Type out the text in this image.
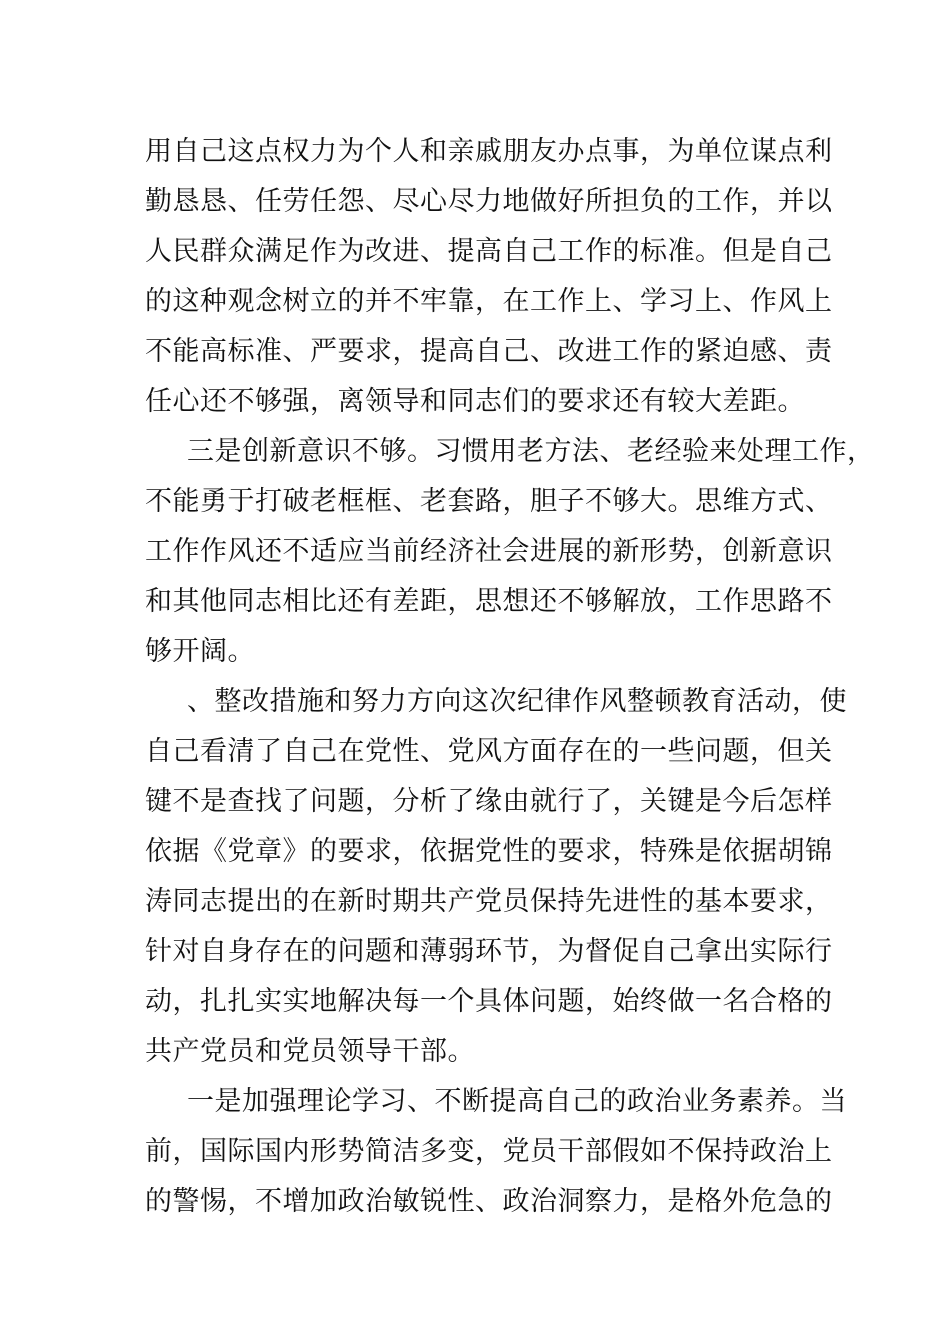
用自己这点权力为个人和亲戚朋友办点事，为单位谋点利
勤恳恳、任劳任怨、尽心尽力地做好所担负的工作，并以
人民群众满足作为改进、提高自己工作的标准。但是自己
的这种观念树立的并不牢靠，在工作上、学习上、作风上
不能高标准、严要求，提高自己、改进工作的紧迫感、责
任心还不够强，离领导和同志们的要求还有较大差距。
三是创新意识不够。习惯用老方法、老经验来处理工作，
不能勇于打破老框框、老套路，胆子不够大。思维方式、
工作作风还不适应当前经济社会进展的新形势，创新意识
和其他同志相比还有差距，思想还不够解放，工作思路不
够开阔。
、整改措施和努力方向这次纪律作风整顿教育活动，使
自己看清了自己在党性、党风方面存在的一些问题，但关
键不是查找了问题，分析了缘由就行了，关键是今后怎样
依据《党章》的要求，依据党性的要求，特殊是依据胡锦
涛同志提出的在新时期共产党员保持先进性的基本要求，
针对自身存在的问题和薄弱环节，为督促自己拿出实际行
动，扎扎实实地解决每一个具体问题，始终做一名合格的
共产党员和党员领导干部。
一是加强理论学习、不断提高自己的政治业务素养。当
前，国际国内形势简洁多变，党员干部假如不保持政治上
的警惕，不增加政治敏锐性、政治洞察力，是格外危急的
